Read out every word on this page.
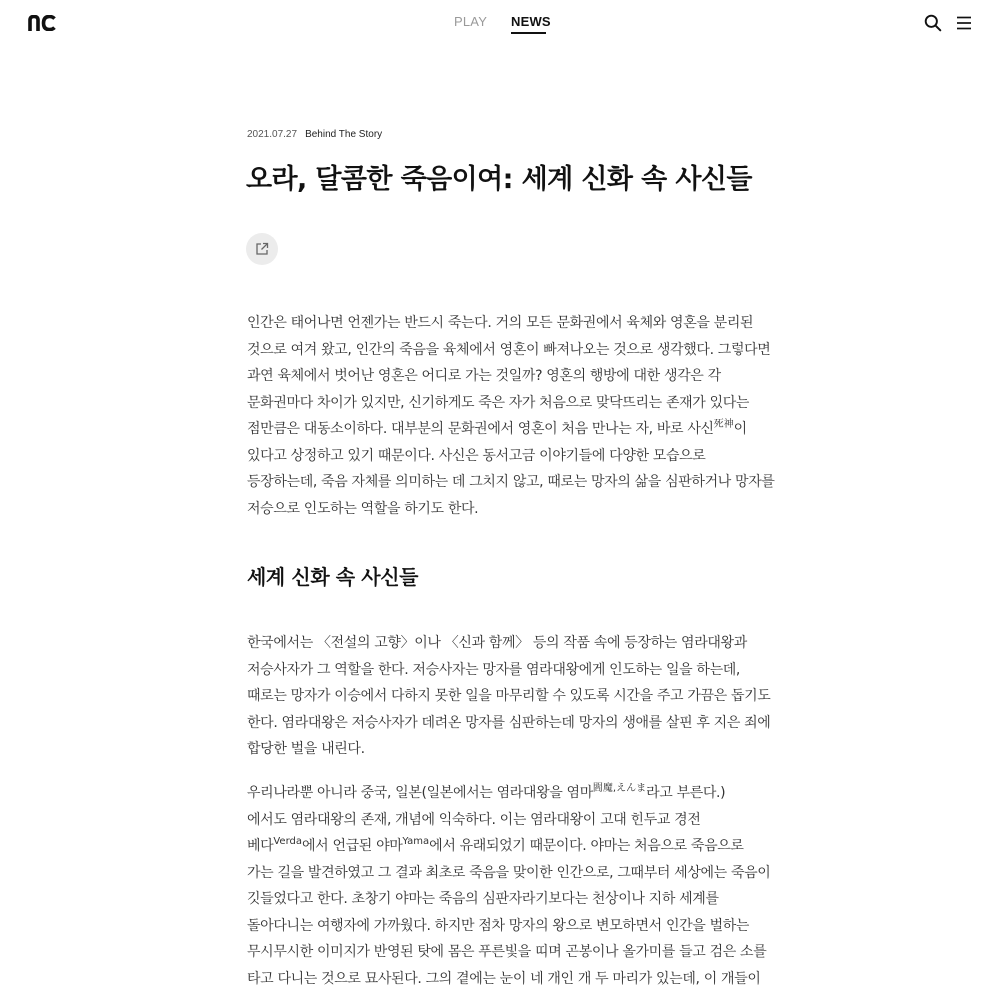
PLAY NEWS
2021.07.27 Behind The Story
오라, 달콤한 죽음이여: 세계 신화 속 사신들

인간은 태어나면 언젠가는 반드시 죽는다. 거의 모든 문화권에서 육체와 영혼을 분리된
것으로 여겨 왔고, 인간의 죽음을 육체에서 영혼이 빠져나오는 것으로 생각했다. 그렇다면
과연 육체에서 벗어난 영혼은 어디로 가는 것일까? 영혼의 행방에 대한 생각은 각
문화권마다 차이가 있지만, 신기하게도 죽은 자가 처음으로 맞닥뜨리는 존재가 있다는
점만큼은 대동소이하다. 대부분의 문화권에서 영혼이 처음 만나는 자, 바로 사신$^{死神}$이
있다고 상정하고 있기 때문이다. 사신은 동서고금 이야기들에 다양한 모습으로
등장하는데, 죽음 자체를 의미하는 데 그치지 않고, 때로는 망자의 삶을 심판하거나 망자를
저승으로 인도하는 역할을 하기도 한다.

세계 신화 속 사신들

한국에서는 〈전설의 고향〉이나 〈신과 함께〉 등의 작품 속에 등장하는 염라대왕과
저승사자가 그 역할을 한다. 저승사자는 망자를 염라대왕에게 인도하는 일을 하는데,
때로는 망자가 이승에서 다하지 못한 일을 마무리할 수 있도록 시간을 주고 가끔은 돕기도
한다. 염라대왕은 저승사자가 데려온 망자를 심판하는데 망자의 생애를 살핀 후 지은 죄에
합당한 벌을 내린다.

우리나라뿐 아니라 중국, 일본(일본에서는 염라대왕을 염마$^{閻魔,えんま}$라고 부른다.)
에서도 염라대왕의 존재, 개념에 익숙하다. 이는 염라대왕이 고대 힌두교 경전
베다$^{Verda}$에서 언급된 야마$^{Yama}$에서 유래되었기 때문이다. 야마는 처음으로 죽음으로
가는 길을 발견하였고 그 결과 최초로 죽음을 맞이한 인간으로, 그때부터 세상에는 죽음이
깃들었다고 한다. 초창기 야마는 죽음의 심판자라기보다는 천상이나 지하 세계를
돌아다니는 여행자에 가까웠다. 하지만 점차 망자의 왕으로 변모하면서 인간을 벌하는
무시무시한 이미지가 반영된 탓에 몸은 푸른빛을 띠며 곤봉이나 올가미를 들고 검은 소를
타고 다니는 것으로 묘사된다. 그의 곁에는 눈이 네 개인 개 두 마리가 있는데, 이 개들이
